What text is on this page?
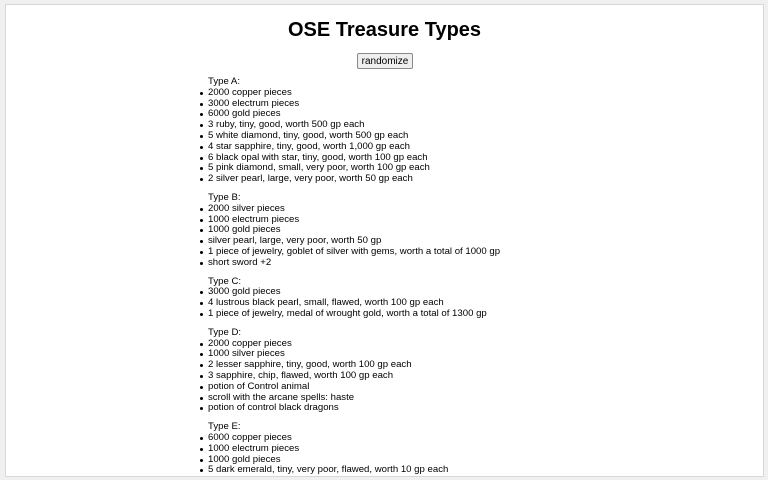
OSE Treasure Types
randomize
Type A:
2000 copper pieces
3000 electrum pieces
6000 gold pieces
3 ruby, tiny, good, worth 500 gp each
5 white diamond, tiny, good, worth 500 gp each
4 star sapphire, tiny, good, worth 1,000 gp each
6 black opal with star, tiny, good, worth 100 gp each
5 pink diamond, small, very poor, worth 100 gp each
2 silver pearl, large, very poor, worth 50 gp each
Type B:
2000 silver pieces
1000 electrum pieces
1000 gold pieces
silver pearl, large, very poor, worth 50 gp
1 piece of jewelry, goblet of silver with gems, worth a total of 1000 gp
short sword +2
Type C:
3000 gold pieces
4 lustrous black pearl, small, flawed, worth 100 gp each
1 piece of jewelry, medal of wrought gold, worth a total of 1300 gp
Type D:
2000 copper pieces
1000 silver pieces
2 lesser sapphire, tiny, good, worth 100 gp each
3 sapphire, chip, flawed, worth 100 gp each
potion of Control animal
scroll with the arcane spells: haste
potion of control black dragons
Type E:
6000 copper pieces
1000 electrum pieces
1000 gold pieces
5 dark emerald, tiny, very poor, flawed, worth 10 gp each
